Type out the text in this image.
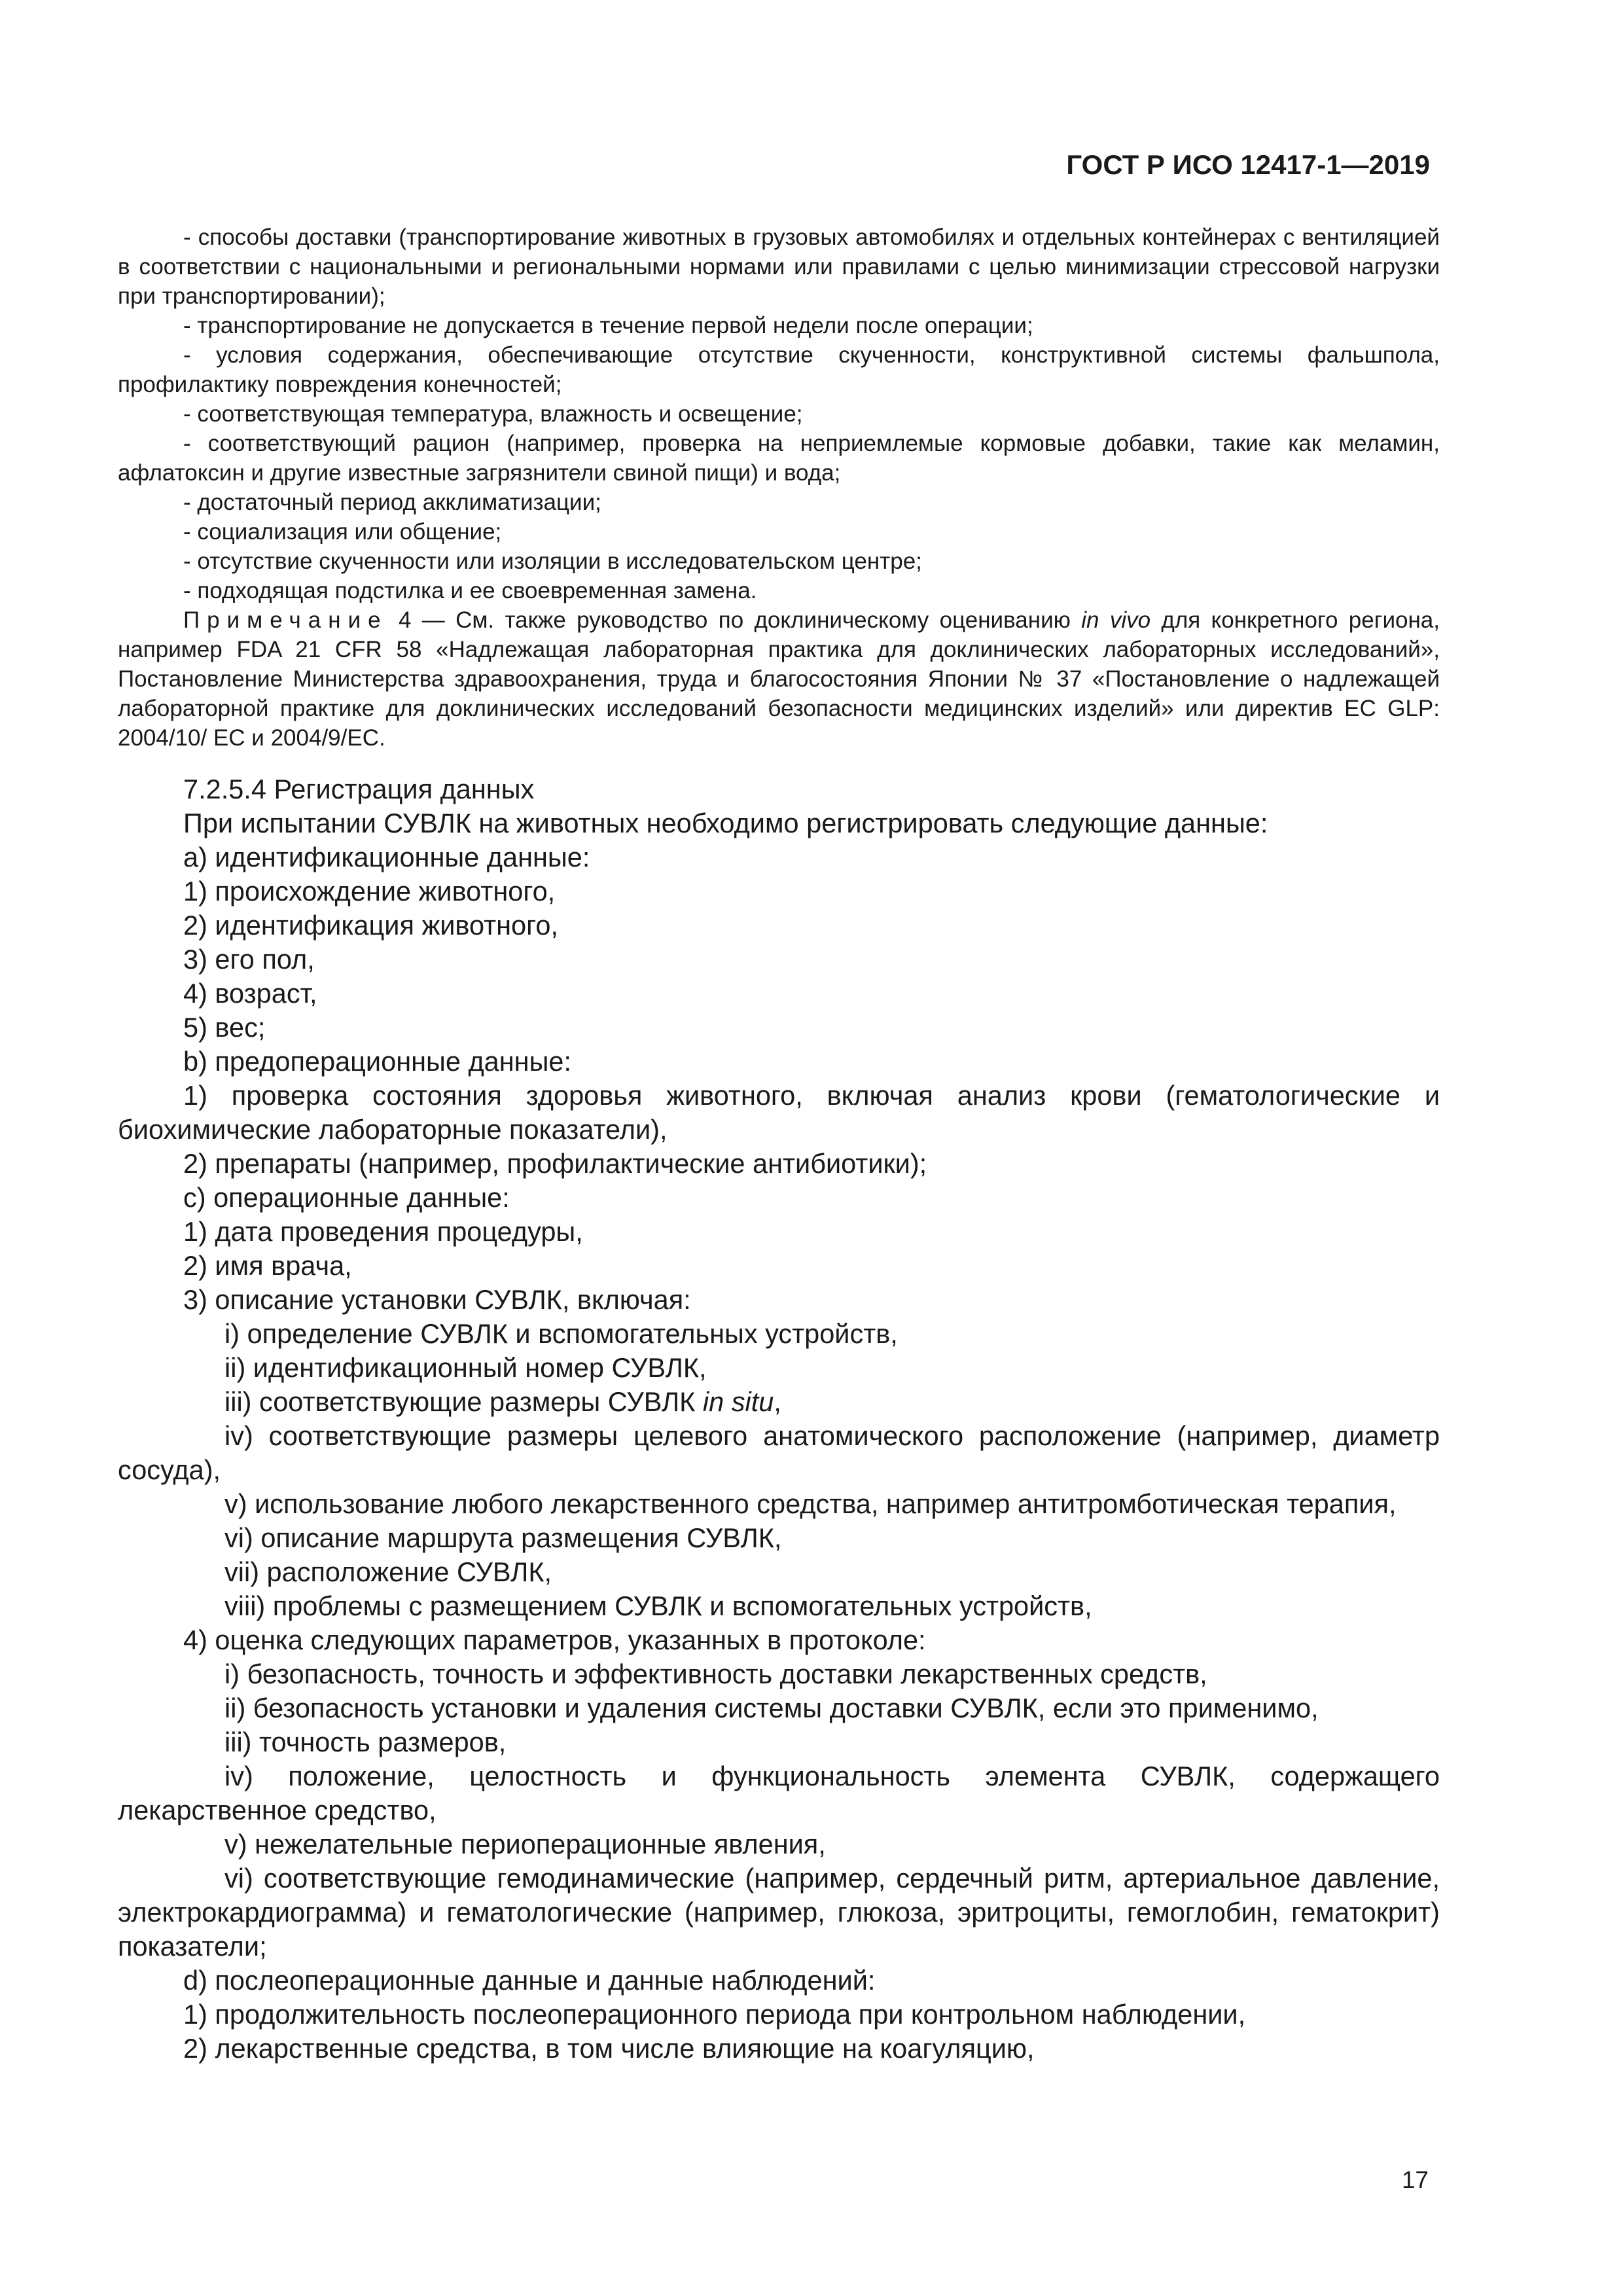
ГОСТ Р ИСО 12417-1—2019

- способы доставки (транспортирование животных в грузовых автомобилях и отдельных контейнерах с вентиляцией в соответствии с национальными и региональными нормами или правилами с целью минимизации стрессовой нагрузки при транспортировании);

- транспортирование не допускается в течение первой недели после операции;

- условия содержания, обеспечивающие отсутствие скученности, конструктивной системы фальшпола, профилактику повреждения конечностей;

- соответствующая температура, влажность и освещение;

- соответствующий рацион (например, проверка на неприемлемые кормовые добавки, такие как меламин, афлатоксин и другие известные загрязнители свиной пищи) и вода;

- достаточный период акклиматизации;

- социализация или общение;

- отсутствие скученности или изоляции в исследовательском центре;

- подходящая подстилка и ее своевременная замена.

Примечание 4 — См. также руководство по доклиническому оцениванию in vivo для конкретного региона, например FDA 21 CFR 58 «Надлежащая лабораторная практика для доклинических лабораторных исследований», Постановление Министерства здравоохранения, труда и благосостояния Японии № 37 «Постановление о надлежащей лабораторной практике для доклинических исследований безопасности медицинских изделий» или директив ЕС GLP: 2004/10/ ЕС и 2004/9/ЕС.

7.2.5.4 Регистрация данных

При испытании СУВЛК на животных необходимо регистрировать следующие данные:

a) идентификационные данные:

1) происхождение животного,

2) идентификация животного,

3) его пол,

4) возраст,

5) вес;

b) предоперационные данные:

1) проверка состояния здоровья животного, включая анализ крови (гематологические и биохимические лабораторные показатели),

2) препараты (например, профилактические антибиотики);

c) операционные данные:

1) дата проведения процедуры,

2) имя врача,

3) описание установки СУВЛК, включая:

i) определение СУВЛК и вспомогательных устройств,

ii) идентификационный номер СУВЛК,

iii) соответствующие размеры СУВЛК in situ,

iv) соответствующие размеры целевого анатомического расположение (например, диаметр сосуда),

v) использование любого лекарственного средства, например антитромботическая терапия,

vi) описание маршрута размещения СУВЛК,

vii) расположение СУВЛК,

viii) проблемы с размещением СУВЛК и вспомогательных устройств,

4) оценка следующих параметров, указанных в протоколе:

i) безопасность, точность и эффективность доставки лекарственных средств,

ii) безопасность установки и удаления системы доставки СУВЛК, если это применимо,

iii) точность размеров,

iv) положение, целостность и функциональность элемента СУВЛК, содержащего лекарственное средство,

v) нежелательные периоперационные явления,

vi) соответствующие гемодинамические (например, сердечный ритм, артериальное давление, электрокардиограмма) и гематологические (например, глюкоза, эритроциты, гемоглобин, гематокрит) показатели;

d) послеоперационные данные и данные наблюдений:

1) продолжительность послеоперационного периода при контрольном наблюдении,

2) лекарственные средства, в том числе влияющие на коагуляцию,

17
